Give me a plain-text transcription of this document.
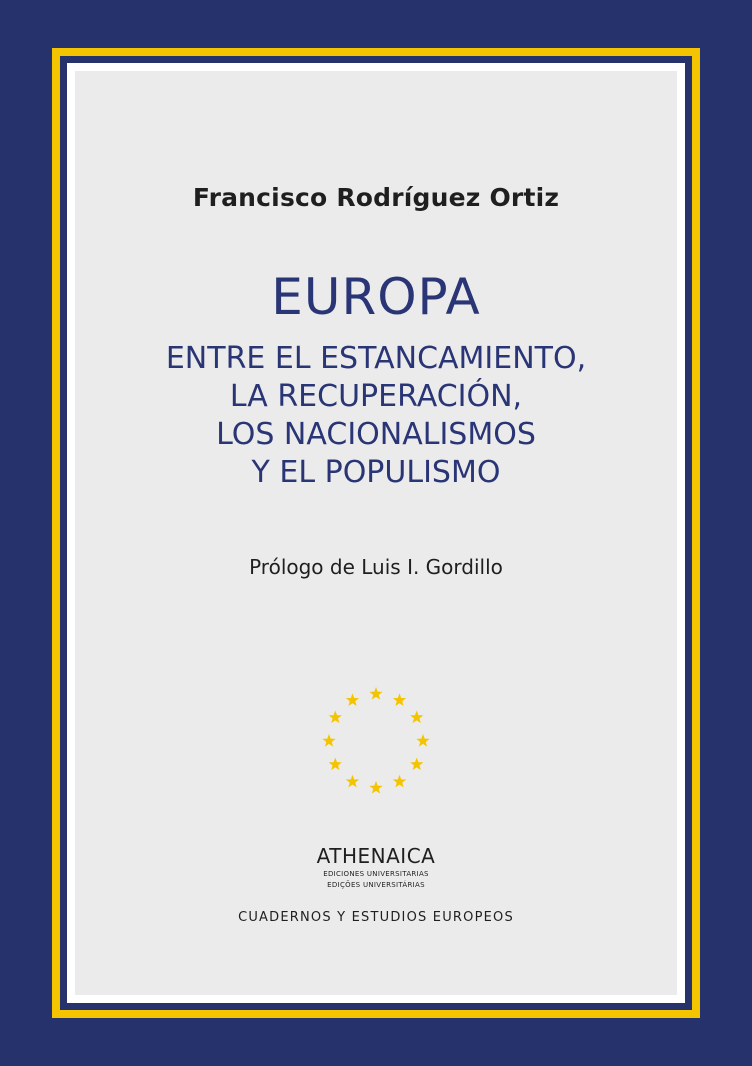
Francisco Rodríguez Ortiz
EUROPA
ENTRE EL ESTANCAMIENTO,
LA RECUPERACIÓN,
LOS NACIONALISMOS
Y EL POPULISMO
Prólogo de Luis I. Gordillo
ATHENAICA
EDICIONES UNIVERSITARIAS
EDIÇÕES UNIVERSITÁRIAS
CUADERNOS Y ESTUDIOS EUROPEOS
